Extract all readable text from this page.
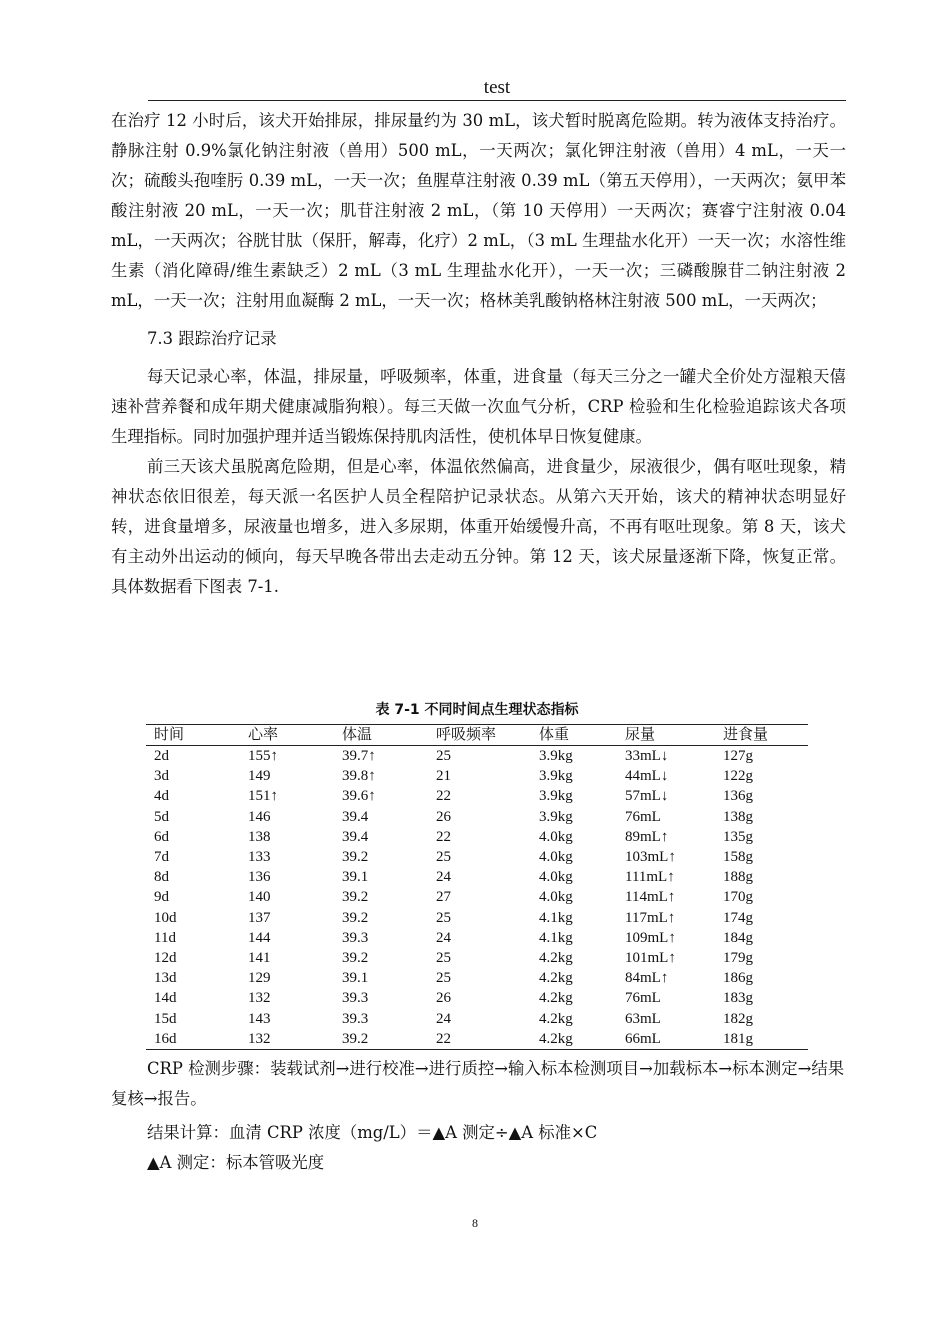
test

在治疗 12 小时后，该犬开始排尿，排尿量约为 30 mL，该犬暂时脱离危险期。转为液体支持治疗。静脉注射 0.9%氯化钠注射液（兽用）500 mL，一天两次；氯化钾注射液（兽用）4 mL，一天一次；硫酸头孢喹肟 0.39 mL，一天一次；鱼腥草注射液 0.39 mL（第五天停用），一天两次；氨甲苯酸注射液 20 mL，一天一次；肌苷注射液 2 mL，（第 10 天停用）一天两次；赛睿宁注射液 0.04 mL，一天两次；谷胱甘肽（保肝，解毒，化疗）2 mL，（3 mL 生理盐水化开）一天一次；水溶性维生素（消化障碍/维生素缺乏）2 mL（3 mL 生理盐水化开），一天一次；三磷酸腺苷二钠注射液 2 mL，一天一次；注射用血凝酶 2 mL，一天一次；格林美乳酸钠格林注射液 500 mL，一天两次；

7.3 跟踪治疗记录

每天记录心率，体温，排尿量，呼吸频率，体重，进食量（每天三分之一罐犬全价处方湿粮天僖速补营养餐和成年期犬健康减脂狗粮）。每三天做一次血气分析，CRP 检验和生化检验追踪该犬各项生理指标。同时加强护理并适当锻炼保持肌肉活性，使机体早日恢复健康。

前三天该犬虽脱离危险期，但是心率，体温依然偏高，进食量少，尿液很少，偶有呕吐现象，精神状态依旧很差，每天派一名医护人员全程陪护记录状态。从第六天开始，该犬的精神状态明显好转，进食量增多，尿液量也增多，进入多尿期，体重开始缓慢升高，不再有呕吐现象。第 8 天，该犬有主动外出运动的倾向，每天早晚各带出去走动五分钟。第 12 天，该犬尿量逐渐下降，恢复正常。具体数据看下图表 7-1.

表 7-1 不同时间点生理状态指标
时间	心率	体温	呼吸频率	体重	尿量	进食量
2d	155↑	39.7↑	25	3.9kg	33mL↓	127g
3d	149	39.8↑	21	3.9kg	44mL↓	122g
4d	151↑	39.6↑	22	3.9kg	57mL↓	136g
5d	146	39.4	26	3.9kg	76mL	138g
6d	138	39.4	22	4.0kg	89mL↑	135g
7d	133	39.2	25	4.0kg	103mL↑	158g
8d	136	39.1	24	4.0kg	111mL↑	188g
9d	140	39.2	27	4.0kg	114mL↑	170g
10d	137	39.2	25	4.1kg	117mL↑	174g
11d	144	39.3	24	4.1kg	109mL↑	184g
12d	141	39.2	25	4.2kg	101mL↑	179g
13d	129	39.1	25	4.2kg	84mL↑	186g
14d	132	39.3	26	4.2kg	76mL	183g
15d	143	39.3	24	4.2kg	63mL	182g
16d	132	39.2	22	4.2kg	66mL	181g

CRP 检测步骤：装载试剂→进行校准→进行质控→输入标本检测项目→加载标本→标本测定→结果复核→报告。

结果计算：血清 CRP 浓度（mg/L）＝▲A 测定÷▲A 标准×C

▲A 测定：标本管吸光度

8
